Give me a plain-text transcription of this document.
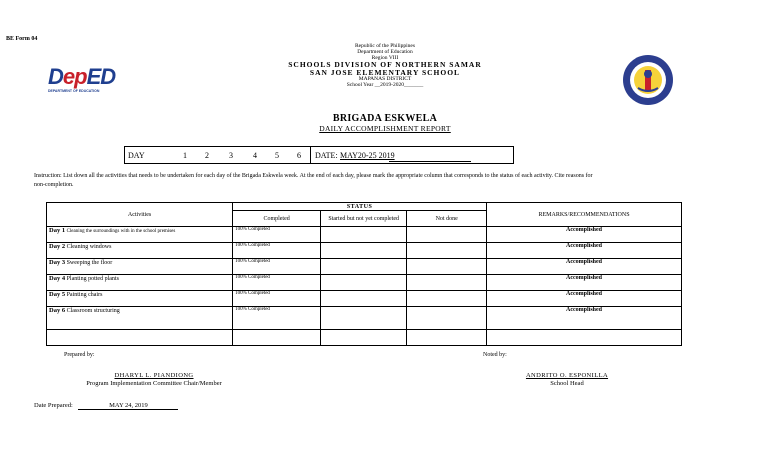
BE Form 04
DepED
DEPARTMENT OF EDUCATION
Republic of the Philippines
Department of Education
Region VIII
SCHOOLS DIVISION OF NORTHERN SAMAR
SAN JOSE ELEMENTARY SCHOOL
MAPANAS DISTRICT
School Year __2019-2020_______
BRIGADA ESKWELA
DAILY ACCOMPLISHMENT REPORT
DAY	1 2	3	4 5 6 DATE: MAY20-25 2019
Instruction: List down all the activities that needs to be undertaken for each day of the Brigada Eskwela week. At the end of each day, please mark the appropriate column that corresponds to the status of each activity. Cite reasons for non-completion.
Activities	STATUS			REMARKS/RECOMMENDATIONS
	Completed	Started but not yet completed	Not done	
Day 1 Cleaning the surroundings with in the school premises	100% Completed			Accomplished
Day 2 Cleaning windows	100% Completed			Accomplished
Day 3 Sweeping the floor	100% Completed			Accomplished
Day 4 Planting potted plants	100% Completed			Accomplished
Day 5 Painting chairs	100% Completed			Accomplished
Day 6 Classroom structuring	100% Completed			Accomplished

Prepared by:	Noted by:
DHARYL L. PIANDIONG
Program Implementation Committee Chair/Member
ANDRITO O. ESPONILLA
School Head
Date Prepared:	MAY 24, 2019
